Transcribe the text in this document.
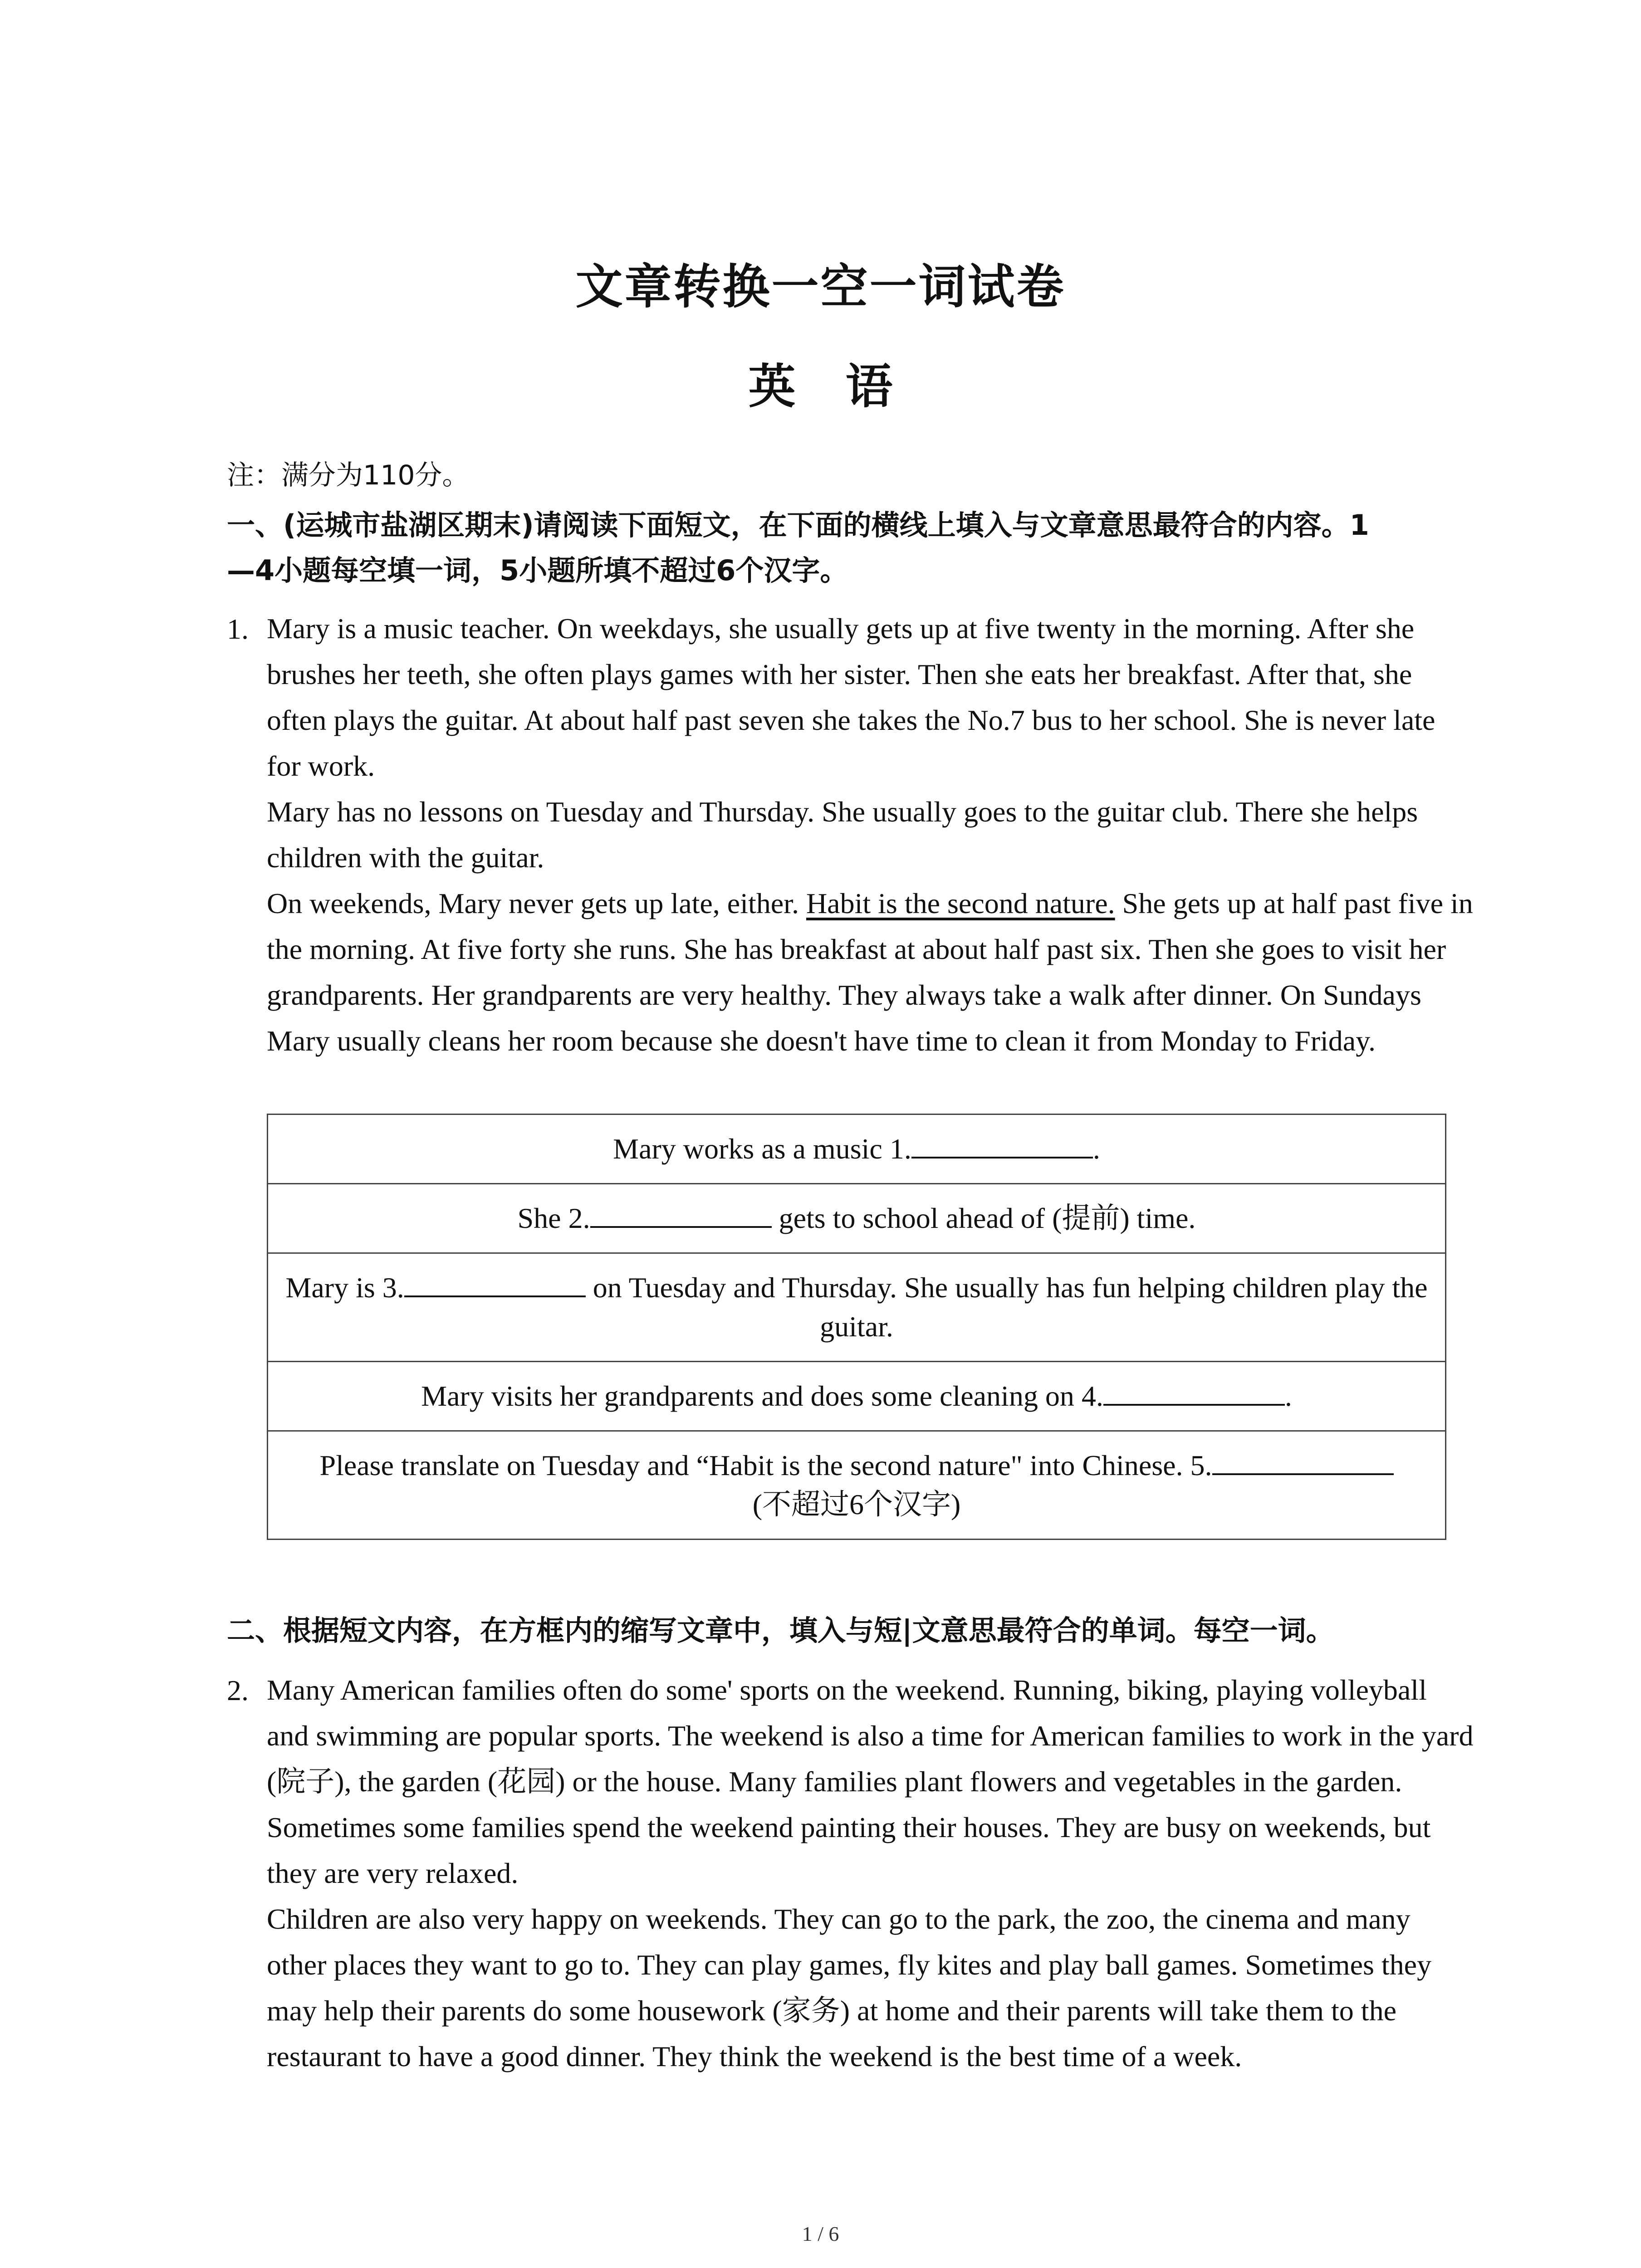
文章转换一空一词试卷
英语
注：满分为110分。
一、(运城市盐湖区期末)请阅读下面短文，在下面的横线上填入与文章意思最符合的内容。1
—4小题每空填一词，5小题所填不超过6个汉字。
1. Mary is a music teacher. On weekdays, she usually gets up at five twenty in the morning. After she brushes her teeth, she often plays games with her sister. Then she eats her breakfast. After that, she often plays the guitar. At about half past seven she takes the No.7 bus to her school. She is never late for work.

Mary has no lessons on Tuesday and Thursday. She usually goes to the guitar club. There she helps children with the guitar.

On weekends, Mary never gets up late, either. Habit is the second nature. She gets up at half past five in the morning. At five forty she runs. She has breakfast at about half past six. Then she goes to visit her grandparents. Her grandparents are very healthy. They always take a walk after dinner. On Sundays Mary usually cleans her room because she doesn't have time to clean it from Monday to Friday.

Mary works as a music 1.	.
She 2.	gets to school ahead of (提前) time.
Mary is 3.	on Tuesday and Thursday. She usually has fun helping children play the guitar.
Mary visits her grandparents and does some cleaning on 4.	.
Please translate on Tuesday and “Habit is the second nature" into Chinese. 5.
(不超过6个汉字)
二、根据短文内容，在方框内的缩写文章中，填入与短|文意思最符合的单词。每空一词。
2. Many American families often do some' sports on the weekend. Running, biking, playing volleyball and swimming are popular sports. The weekend is also a time for American families to work in the yard (院子), the garden (花园) or the house. Many families plant flowers and vegetables in the garden. Sometimes some families spend the weekend painting their houses. They are busy on weekends, but they are very relaxed.

Children are also very happy on weekends. They can go to the park, the zoo, the cinema and many other places they want to go to. They can play games, fly kites and play ball games. Sometimes they may help their parents do some housework (家务) at home and their parents will take them to the restaurant to have a good dinner. They think the weekend is the best time of a week.

1 / 6
